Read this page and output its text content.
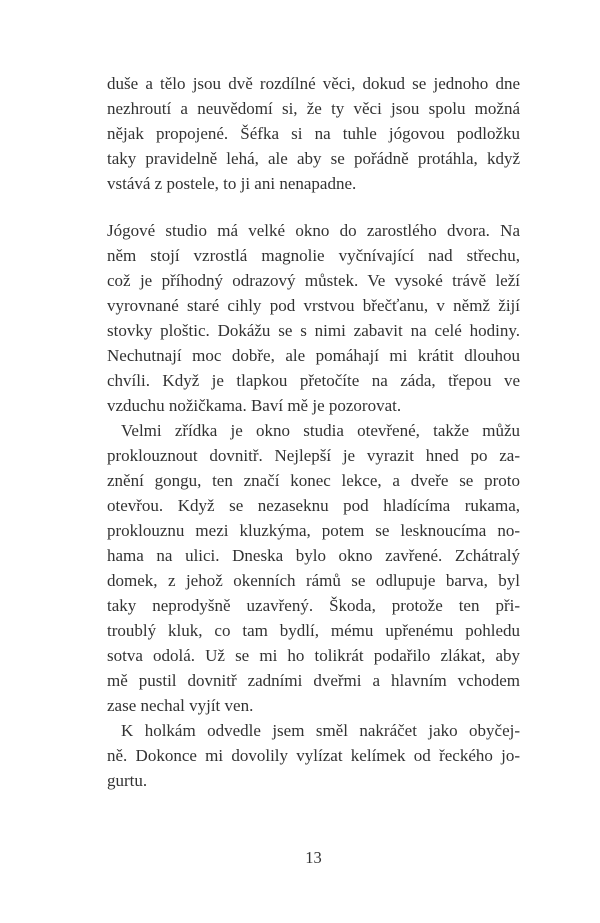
duše a tělo jsou dvě rozdílné věci, dokud se jednoho dne
nezhroutí a neuvědomí si, že ty věci jsou spolu možná
nějak propojené. Šéfka si na tuhle jógovou podložku
taky pravidelně lehá, ale aby se pořádně protáhla, když
vstává z postele, to ji ani nenapadne.

Jógové studio má velké okno do zarostlého dvora. Na
něm stojí vzrostlá magnolie vyčnívající nad střechu,
což je příhodný odrazový můstek. Ve vysoké trávě leží
vyrovnané staré cihly pod vrstvou břečťanu, v němž žijí
stovky ploštic. Dokážu se s nimi zabavit na celé hodiny.
Nechutnají moc dobře, ale pomáhají mi krátit dlouhou
chvíli. Když je tlapkou přetočíte na záda, třepou ve
vzduchu nožičkama. Baví mě je pozorovat.

Velmi zřídka je okno studia otevřené, takže můžu
proklouznout dovnitř. Nejlepší je vyrazit hned po za-
znění gongu, ten značí konec lekce, a dveře se proto
otevřou. Když se nezaseknu pod hladícíma rukama,
proklouznu mezi kluzkýma, potem se lesknoucíma no-
hama na ulici. Dneska bylo okno zavřené. Zchátralý
domek, z jehož okenních rámů se odlupuje barva, byl
taky neprodyšně uzavřený. Škoda, protože ten při-
troublý kluk, co tam bydlí, mému upřenému pohledu
sotva odolá. Už se mi ho tolikrát podařilo zlákat, aby
mě pustil dovnitř zadními dveřmi a hlavním vchodem
zase nechal vyjít ven.

K holkám odvedle jsem směl nakráčet jako obyčej-
ně. Dokonce mi dovolily vylízat kelímek od řeckého jo-
gurtu.

13
